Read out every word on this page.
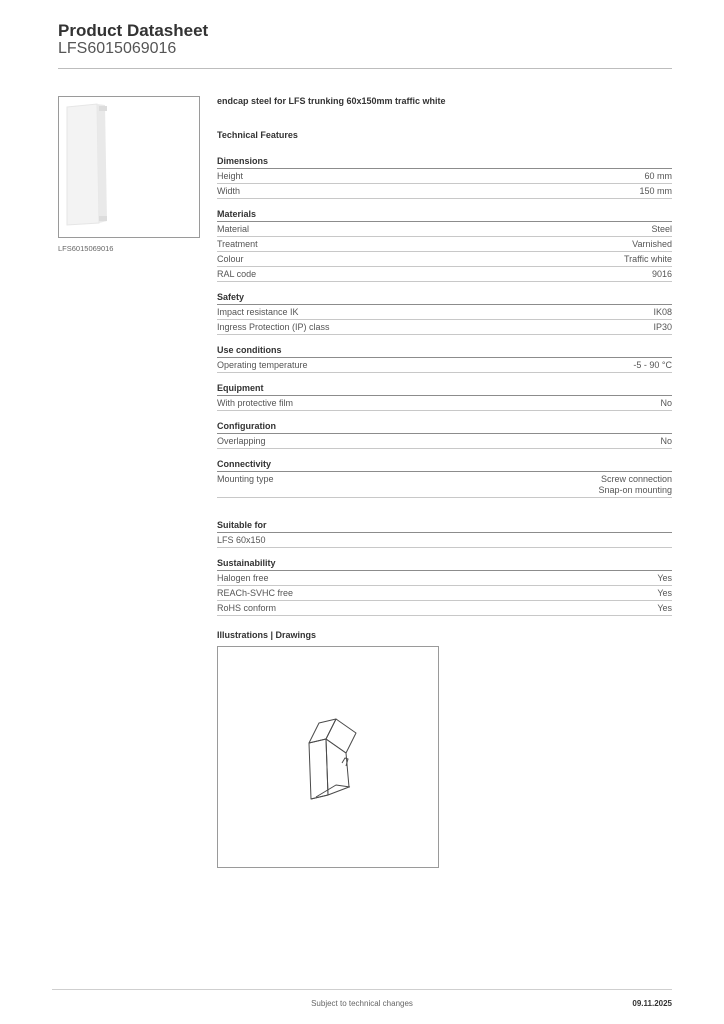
Product Datasheet
LFS6015069016
LFS6015069016
endcap steel for LFS trunking 60x150mm traffic white
Technical Features
Dimensions
Height	60 mm
Width	150 mm
Materials
Material	Steel
Treatment	Varnished
Colour	Traffic white
RAL code	9016
Safety
Impact resistance IK	IK08
Ingress Protection (IP) class	IP30
Use conditions
Operating temperature	-5 - 90 °C
Equipment
With protective film	No
Configuration
Overlapping	No
Connectivity
Mounting type	Screw connection
Snap-on mounting
Suitable for
LFS 60x150
Sustainability
Halogen free	Yes
REACh-SVHC free	Yes
RoHS conform	Yes
Illustrations | Drawings
Subject to technical changes	09.11.2025
